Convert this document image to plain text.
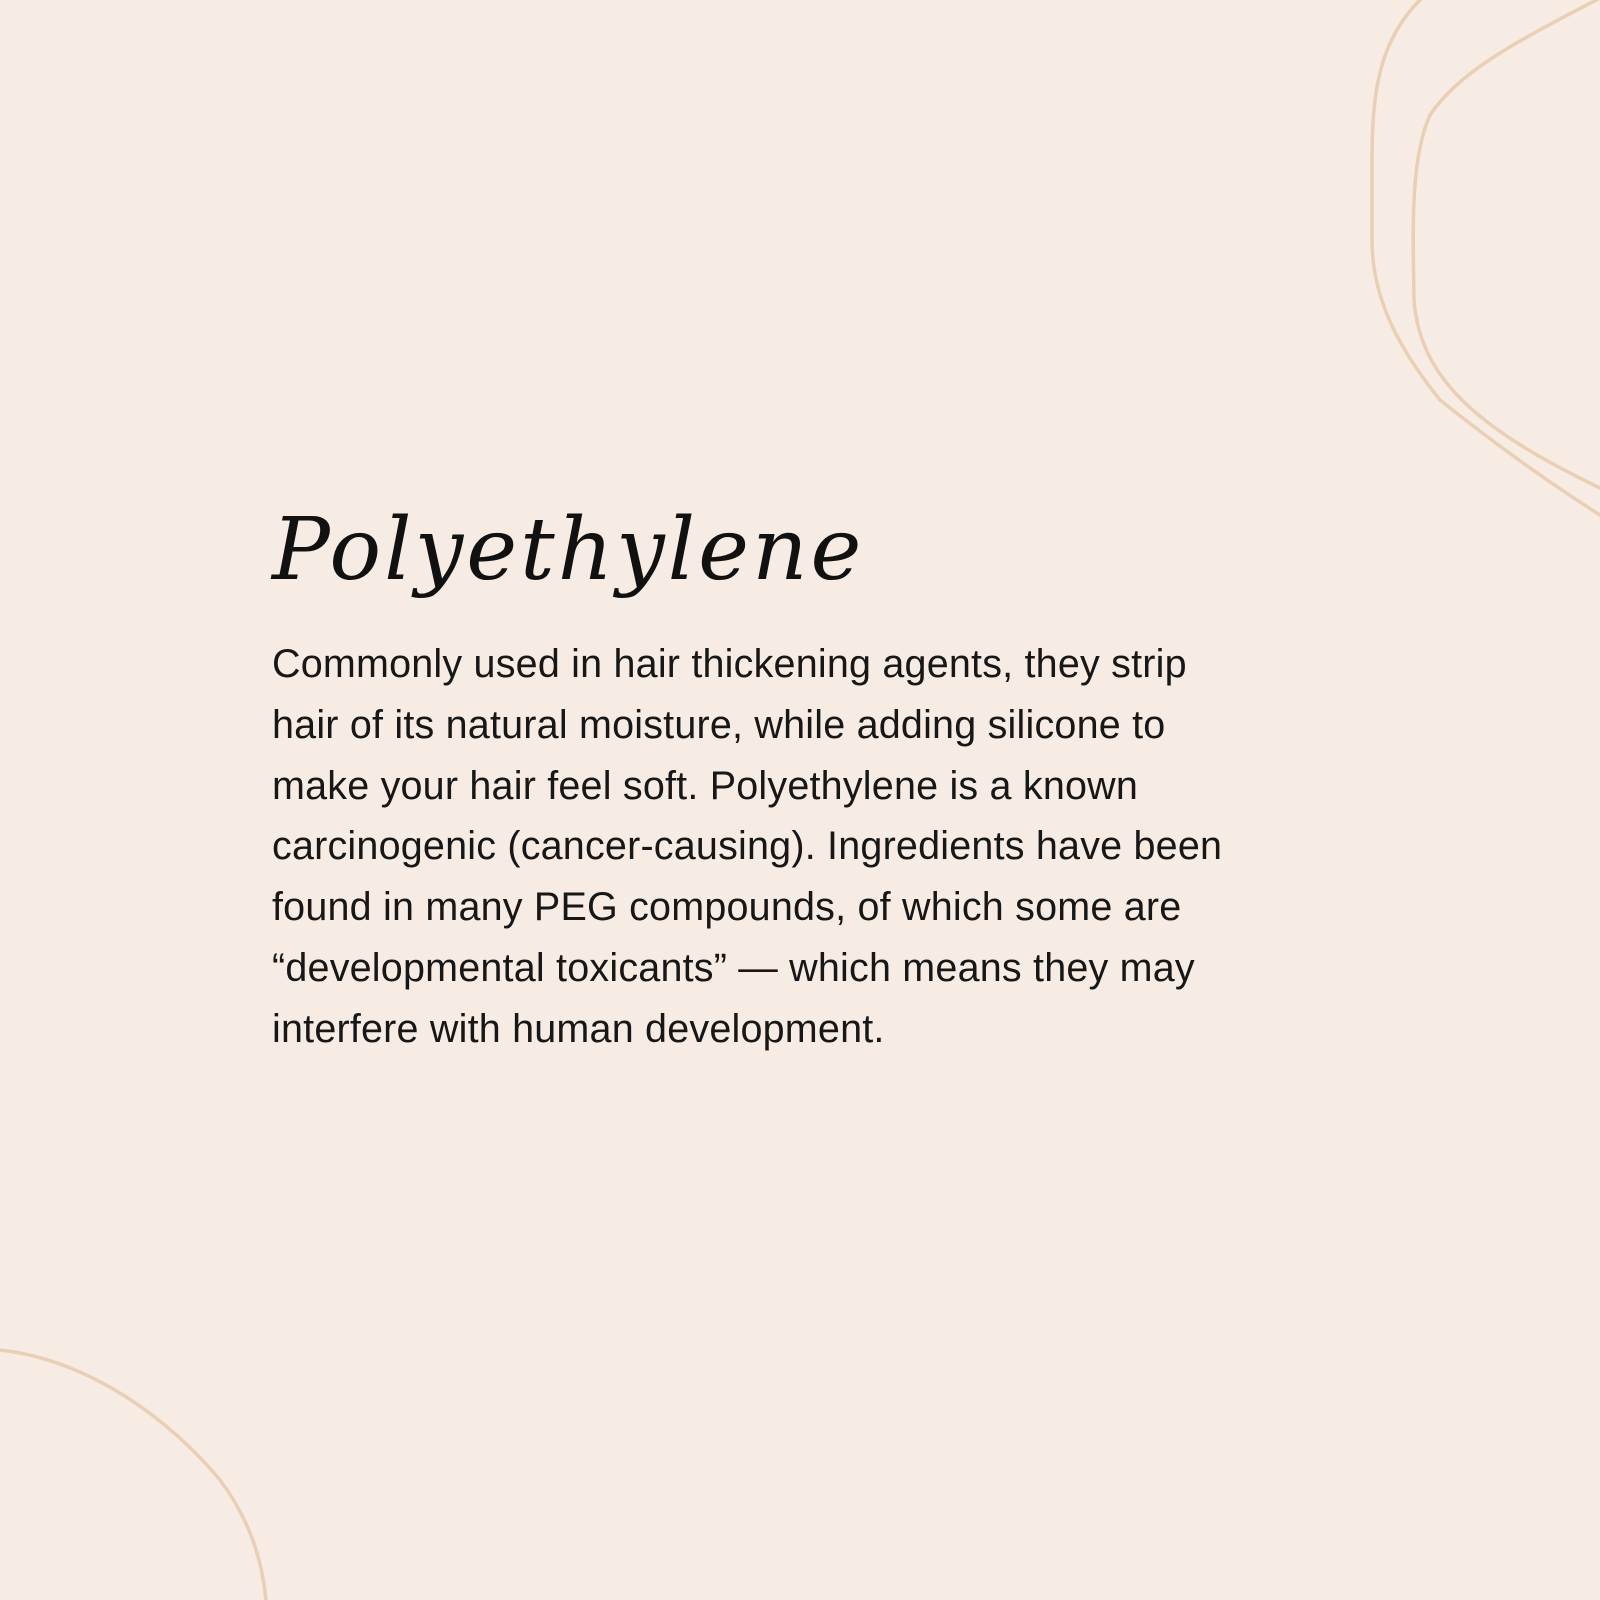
Polyethylene

Commonly used in hair thickening agents, they strip
hair of its natural moisture, while adding silicone to
make your hair feel soft. Polyethylene is a known
carcinogenic (cancer-causing). Ingredients have been
found in many PEG compounds, of which some are
“developmental toxicants” — which means they may
interfere with human development.
